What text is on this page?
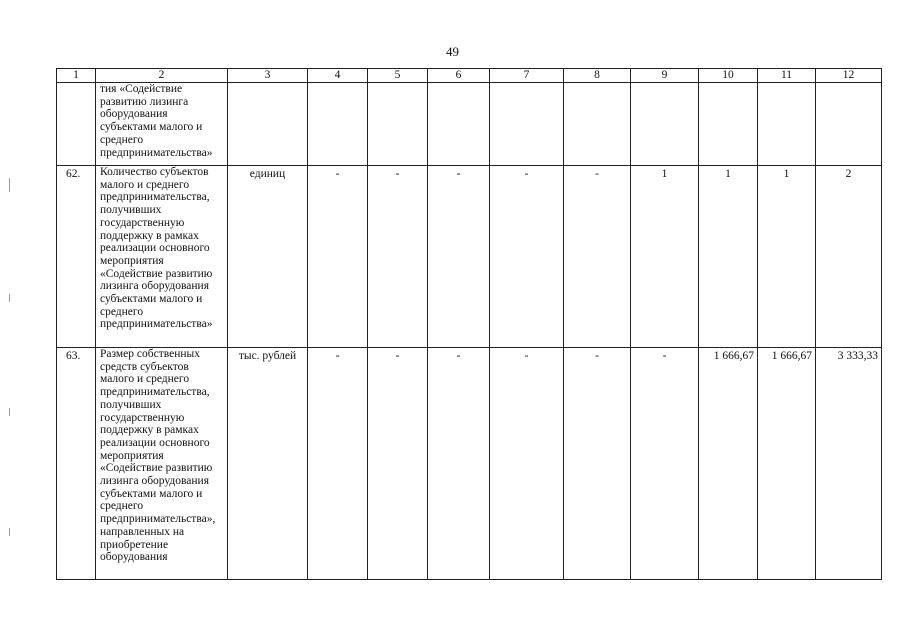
49
1	2	3	4	5	6	7	8	9	10	11	12
	тия «Содействие развитию лизинга оборудования субъектами малого и среднего предпринимательства»										
62.	Количество субъектов малого и среднего предпринимательства, получивших государственную поддержку в рамках реализации основного мероприятия «Содействие развитию лизинга оборудования субъектами малого и среднего предпринимательства»	единиц	-	-	-	-	-	1	1	1	2
63.	Размер собственных средств субъектов малого и среднего предпринимательства, получивших государственную поддержку в рамках реализации основного мероприятия «Содействие развитию лизинга оборудования субъектами малого и среднего предпринимательства», направленных на приобретение оборудования	тыс. рублей	-	-	-	-	-	-	1 666,67	1 666,67	3 333,33
